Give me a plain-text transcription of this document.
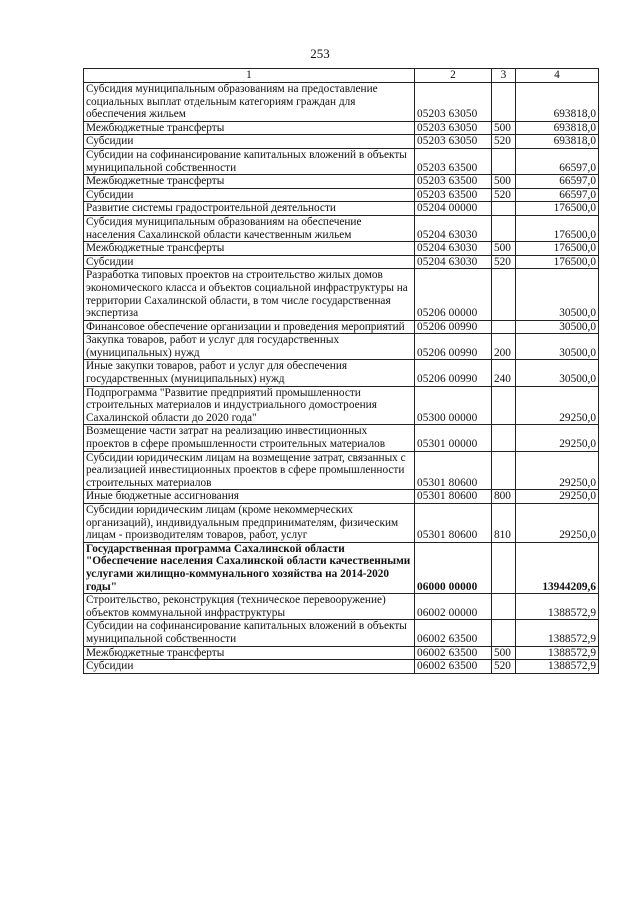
253
1	2	3	4
Субсидия муниципальным образованиям на предоставление социальных выплат отдельным категориям граждан для обеспечения жильем	05203 63050		693818,0
Межбюджетные трансферты	05203 63050	500	693818,0
Субсидии	05203 63050	520	693818,0
Субсидии на софинансирование капитальных вложений в объекты муниципальной собственности	05203 63500		66597,0
Межбюджетные трансферты	05203 63500	500	66597,0
Субсидии	05203 63500	520	66597,0
Развитие системы градостроительной деятельности	05204 00000		176500,0
Субсидия муниципальным образованиям на обеспечение населения Сахалинской области качественным жильем	05204 63030		176500,0
Межбюджетные трансферты	05204 63030	500	176500,0
Субсидии	05204 63030	520	176500,0
Разработка типовых проектов на строительство жилых домов экономического класса и объектов социальной инфраструктуры на территории Сахалинской области, в том числе государственная экспертиза	05206 00000		30500,0
Финансовое обеспечение организации и проведения мероприятий	05206 00990		30500,0
Закупка товаров, работ и услуг для государственных (муниципальных) нужд	05206 00990	200	30500,0
Иные закупки товаров, работ и услуг для обеспечения государственных (муниципальных) нужд	05206 00990	240	30500,0
Подпрограмма "Развитие предприятий промышленности строительных материалов и индустриального домостроения Сахалинской области до 2020 года"	05300 00000		29250,0
Возмещение части затрат на реализацию инвестиционных проектов в сфере промышленности строительных материалов	05301 00000		29250,0
Субсидии юридическим лицам на возмещение затрат, связанных с реализацией инвестиционных проектов в сфере промышленности строительных материалов	05301 80600		29250,0
Иные бюджетные ассигнования	05301 80600	800	29250,0
Субсидии юридическим лицам (кроме некоммерческих организаций), индивидуальным предпринимателям, физическим лицам - производителям товаров, работ, услуг	05301 80600	810	29250,0
Государственная программа Сахалинской области "Обеспечение населения Сахалинской области качественными услугами жилищно-коммунального хозяйства на 2014-2020 годы"	06000 00000		13944209,6
Строительство, реконструкция (техническое перевооружение) объектов коммунальной инфраструктуры	06002 00000		1388572,9
Субсидии на софинансирование капитальных вложений в объекты муниципальной собственности	06002 63500		1388572,9
Межбюджетные трансферты	06002 63500	500	1388572,9
Субсидии	06002 63500	520	1388572,9
